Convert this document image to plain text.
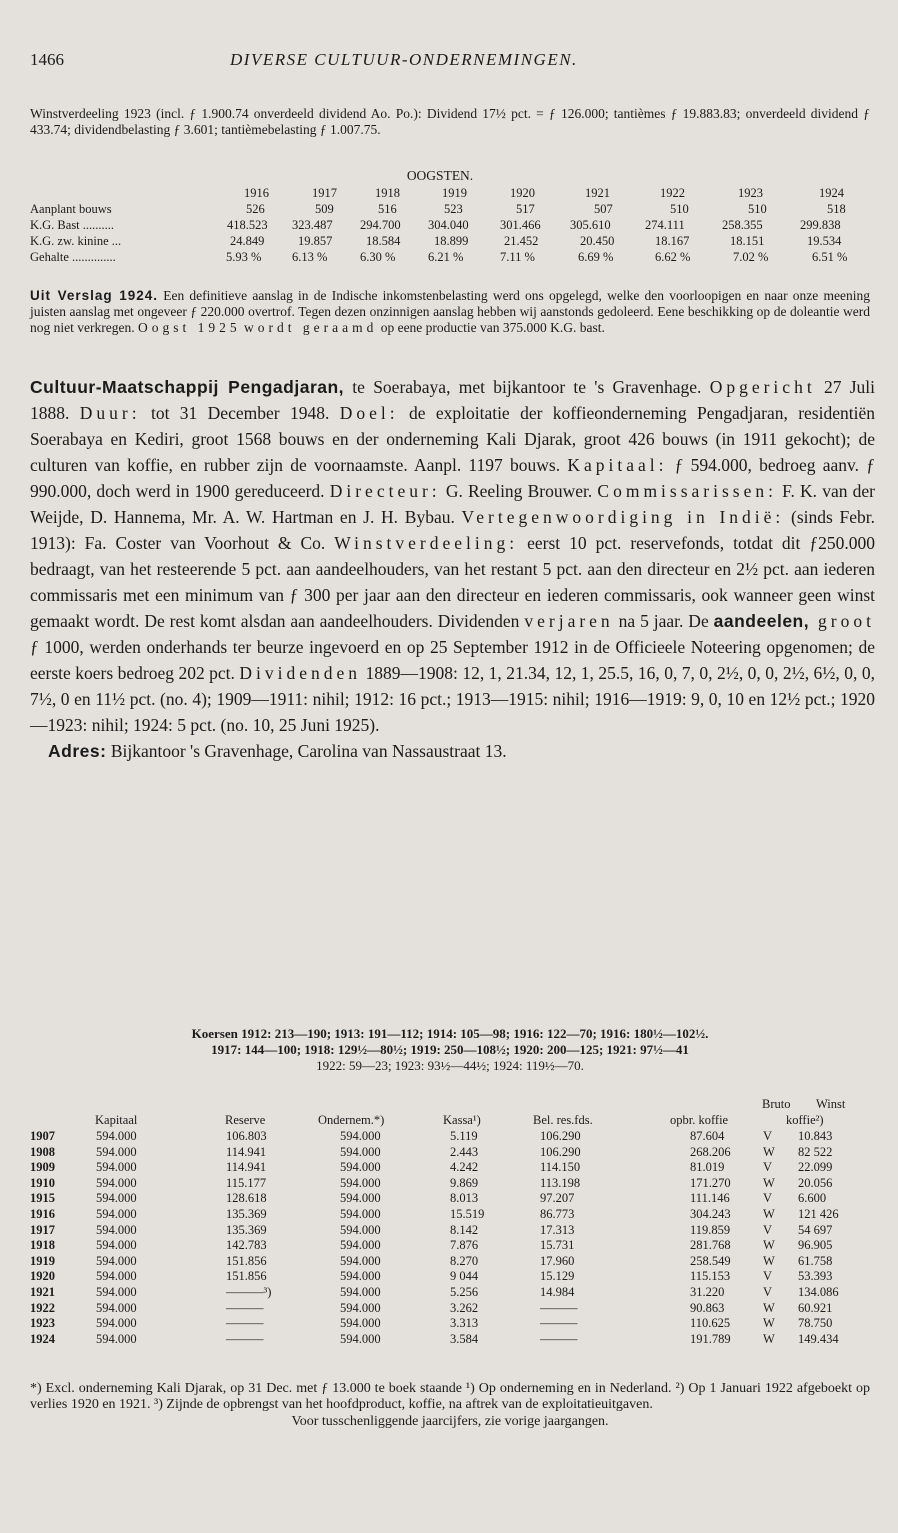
1466	DIVERSE CULTUUR-ONDERNEMINGEN.
Winstverdeeling 1923 (incl. ƒ 1.900.74 onverdeeld dividend Ao. Po.): Dividend 17½ pct. = ƒ 126.000; tantièmes ƒ 19.883.83; onverdeeld dividend ƒ 433.74; dividendbelasting ƒ 3.601; tantièmebelasting ƒ 1.007.75.
OOGSTEN.
1916	1917	1918	1919	1920	1921	1922	1923	1924
Aanplant bouws	526	509	516	523	517	507	510	510	518
K.G. Bast ..........	418.523 323.487 294.700 304.040	301.466 305.610	274.111	258.355	299.838
K.G. zw. kinine ...	24.849	19.857	18.584	18.899	21.452	20.450	18.167	18.151	19.534
Gehalte ..............	5.93 % 6.13 %	6.30 %	6.21 %	7.11 %	6.69 %	6.62 %	7.02 %	6.51 %
Uit Verslag 1924. Een definitieve aanslag in de Indische inkomstenbelasting werd ons opgelegd, welke den voorloopigen en naar onze meening juisten aanslag met ongeveer ƒ 220.000 overtrof. Tegen dezen onzinnigen aanslag hebben wij aanstonds gedoleerd. Eene beschikking op de doleantie werd nog niet verkregen. Oogst 1925 wordt geraamd op eene productie van 375.000 K.G. bast.
Cultuur-Maatschappij Pengadjaran, te Soerabaya, met bijkantoor te 's Gravenhage. Opgericht 27 Juli 1888. Duur: tot 31 December 1948. Doel: de exploitatie der koffieonderneming Pengadjaran, residentiën Soerabaya en Kediri, groot 1568 bouws en der onderneming Kali Djarak, groot 426 bouws (in 1911 gekocht); de culturen van koffie, en rubber zijn de voornaamste. Aanpl. 1197 bouws. Kapitaal: ƒ 594.000, bedroeg aanv. ƒ 990.000, doch werd in 1900 gereduceerd. Directeur: G. Reeling Brouwer. Commissarissen: F. K. van der Weijde, D. Hannema, Mr. A. W. Hartman en J. H. Bybau. Vertegenwoordiging in Indië: (sinds Febr. 1913): Fa. Coster van Voorhout & Co. Winstverdeeling: eerst 10 pct. reservefonds, totdat dit ƒ250.000 bedraagt, van het resteerende 5 pct. aan aandeelhouders, van het restant 5 pct. aan den directeur en 2½ pct. aan iederen commissaris met een minimum van ƒ 300 per jaar aan den directeur en iederen commissaris, ook wanneer geen winst gemaakt wordt. De rest komt alsdan aan aandeelhouders. Dividenden verjaren na 5 jaar. De aandeelen, groot ƒ 1000, werden onderhands ter beurze ingevoerd en op 25 September 1912 in de Officieele Noteering opgenomen; de eerste koers bedroeg 202 pct. Dividenden 1889—1908: 12, 1, 21.34, 12, 1, 25.5, 16, 0, 7, 0, 2½, 0, 0, 2½, 6½, 0, 0, 7½, 0 en 11½ pct. (no. 4); 1909—1911: nihil; 1912: 16 pct.; 1913—1915: nihil; 1916—1919: 9, 0, 10 en 12½ pct.; 1920—1923: nihil; 1924: 5 pct. (no. 10, 25 Juni 1925).
Adres: Bijkantoor 's Gravenhage, Carolina van Nassaustraat 13.
Koersen 1912: 213—190; 1913: 191—112; 1914: 105—98; 1916: 122—70; 1916: 180½—102½.
1917: 144—100; 1918: 129½—80½; 1919: 250—108½; 1920: 200—125; 1921: 97½—41
1922: 59—23; 1923: 93½—44½; 1924: 119½—70.
Bruto Winst
Kapitaal	Reserve	Ondernem.*)	Kassa¹)	Bel. res.fds.	opbr. koffie	koffie²)
1907	594.000	106.803	594.000	5.119	106.290	87.604	V 10.843
1908	594.000	114.941	594.000	2.443	106.290	268.206	W 82 522
1909	594.000	114.941	594.000	4.242	114.150	81.019	V 22.099
1910	594.000	115.177	594.000	9.869	113.198	171.270	W 20.056
1915	594.000	128.618	594.000	8.013	97.207	111.146	V 6.600
1916	594.000	135.369	594.000	15.519	86.773	304.243	W 121 426
1917	594.000	135.369	594.000	8.142	17.313	119.859	V 54 697
1918	594.000	142.783	594.000	7.876	15.731	281.768	W 96.905
1919	594.000	151.856	594.000	8.270	17.960	258.549	W 61.758
1920	594.000	151.856	594.000	9 044	15.129	115.153	V 53.393
1921	594.000	———³)	594.000	5.256	14.984	31.220	V 134.086
1922	594.000	———	594.000	3.262	———	90.863	W 60.921
1923	594.000	———	594.000	3.313	———	110.625	W 78.750
1924	594.000	———	594.000	3.584	———	191.789	W 149.434
*) Excl. onderneming Kali Djarak, op 31 Dec. met ƒ 13.000 te boek staande ¹) Op onderneming en in Nederland. ²) Op 1 Januari 1922 afgeboekt op verlies 1920 en 1921. ³) Zijnde de opbrengst van het hoofdproduct, koffie, na aftrek van de exploitatieuitgaven.
Voor tusschenliggende jaarcijfers, zie vorige jaargangen.
